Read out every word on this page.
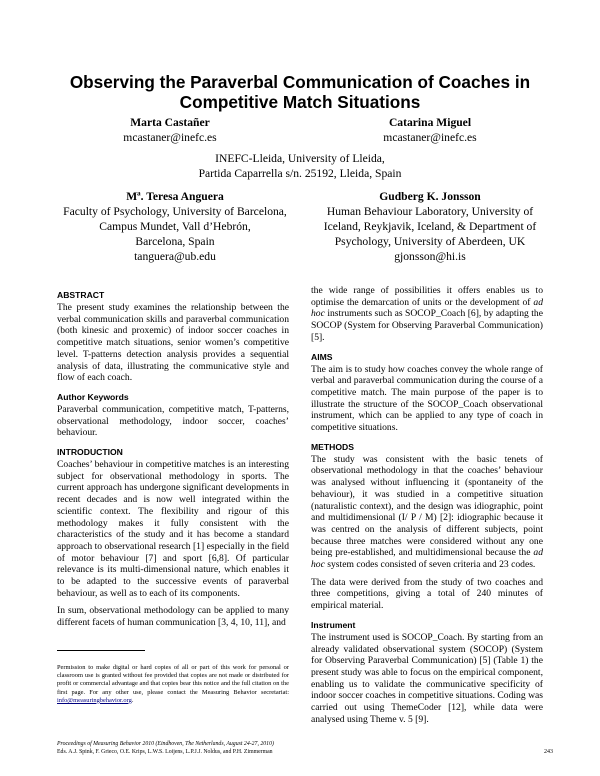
Observing the Paraverbal Communication of Coaches in Competitive Match Situations
Marta Castañer
mcastaner@inefc.es
Catarina Miguel
mcastaner@inefc.es
INEFC-Lleida, University of Lleida,
Partida Caparrella s/n. 25192, Lleida, Spain
Mª. Teresa Anguera
Faculty of Psychology, University of Barcelona,
Campus Mundet, Vall d’Hebrón,
Barcelona, Spain
tanguera@ub.edu
Gudberg K. Jonsson
Human Behaviour Laboratory, University of
Iceland, Reykjavik, Iceland, & Department of
Psychology, University of Aberdeen, UK
gjonsson@hi.is
ABSTRACT

The present study examines the relationship between the verbal communication skills and paraverbal communication (both kinesic and proxemic) of indoor soccer coaches in competitive match situations, senior women’s competitive level. T-patterns detection analysis provides a sequential analysis of data, illustrating the communicative style and flow of each coach.

Author Keywords

Paraverbal communication, competitive match, T-patterns, observational methodology, indoor soccer, coaches’ behaviour.

INTRODUCTION

Coaches’ behaviour in competitive matches is an interesting subject for observational methodology in sports. The current approach has undergone significant developments in recent decades and is now well integrated within the scientific context. The flexibility and rigour of this methodology makes it fully consistent with the characteristics of the study and it has become a standard approach to observational research [1] especially in the field of motor behaviour [7] and sport [6,8]. Of particular relevance is its multi-dimensional nature, which enables it to be adapted to the successive events of paraverbal behaviour, as well as to each of its components.

In sum, observational methodology can be applied to many different facets of human communication [3, 4, 10, 11], and

Permission to make digital or hard copies of all or part of this work for personal or classroom use is granted without fee provided that copies are not made or distributed for profit or commercial advantage and that copies bear this notice and the full citation on the first page. For any other use, please contact the Measuring Behavior secretariat: info@measuringbehavior.org.

the wide range of possibilities it offers enables us to optimise the demarcation of units or the development of ad hoc instruments such as SOCOP_Coach [6], by adapting the SOCOP (System for Observing Paraverbal Communication) [5].

AIMS

The aim is to study how coaches convey the whole range of verbal and paraverbal communication during the course of a competitive match. The main purpose of the paper is to illustrate the structure of the SOCOP_Coach observational instrument, which can be applied to any type of coach in competitive situations.

METHODS

The study was consistent with the basic tenets of observational methodology in that the coaches’ behaviour was analysed without influencing it (spontaneity of the behaviour), it was studied in a competitive situation (naturalistic context), and the design was idiographic, point and multidimensional (I/ P / M) [2]: idiographic because it was centred on the analysis of different subjects, point because three matches were considered without any one being pre-established, and multidimensional because the ad hoc system codes consisted of seven criteria and 23 codes.

The data were derived from the study of two coaches and three competitions, giving a total of 240 minutes of empirical material.

Instrument

The instrument used is SOCOP_Coach. By starting from an already validated observational system (SOCOP) (System for Observing Paraverbal Communication) [5] (Table 1) the present study was able to focus on the empirical component, enabling us to validate the communicative specificity of indoor soccer coaches in competitive situations. Coding was carried out using ThemeCoder [12], while data were analysed using Theme v. 5 [9].

Proceedings of Measuring Behavior 2010 (Eindhoven, The Netherlands, August 24-27, 2010)
Eds. A.J. Spink, F. Grieco, O.E. Krips, L.W.S. Loijens, L.P.J.J. Noldus, and P.H. Zimmerman	243
